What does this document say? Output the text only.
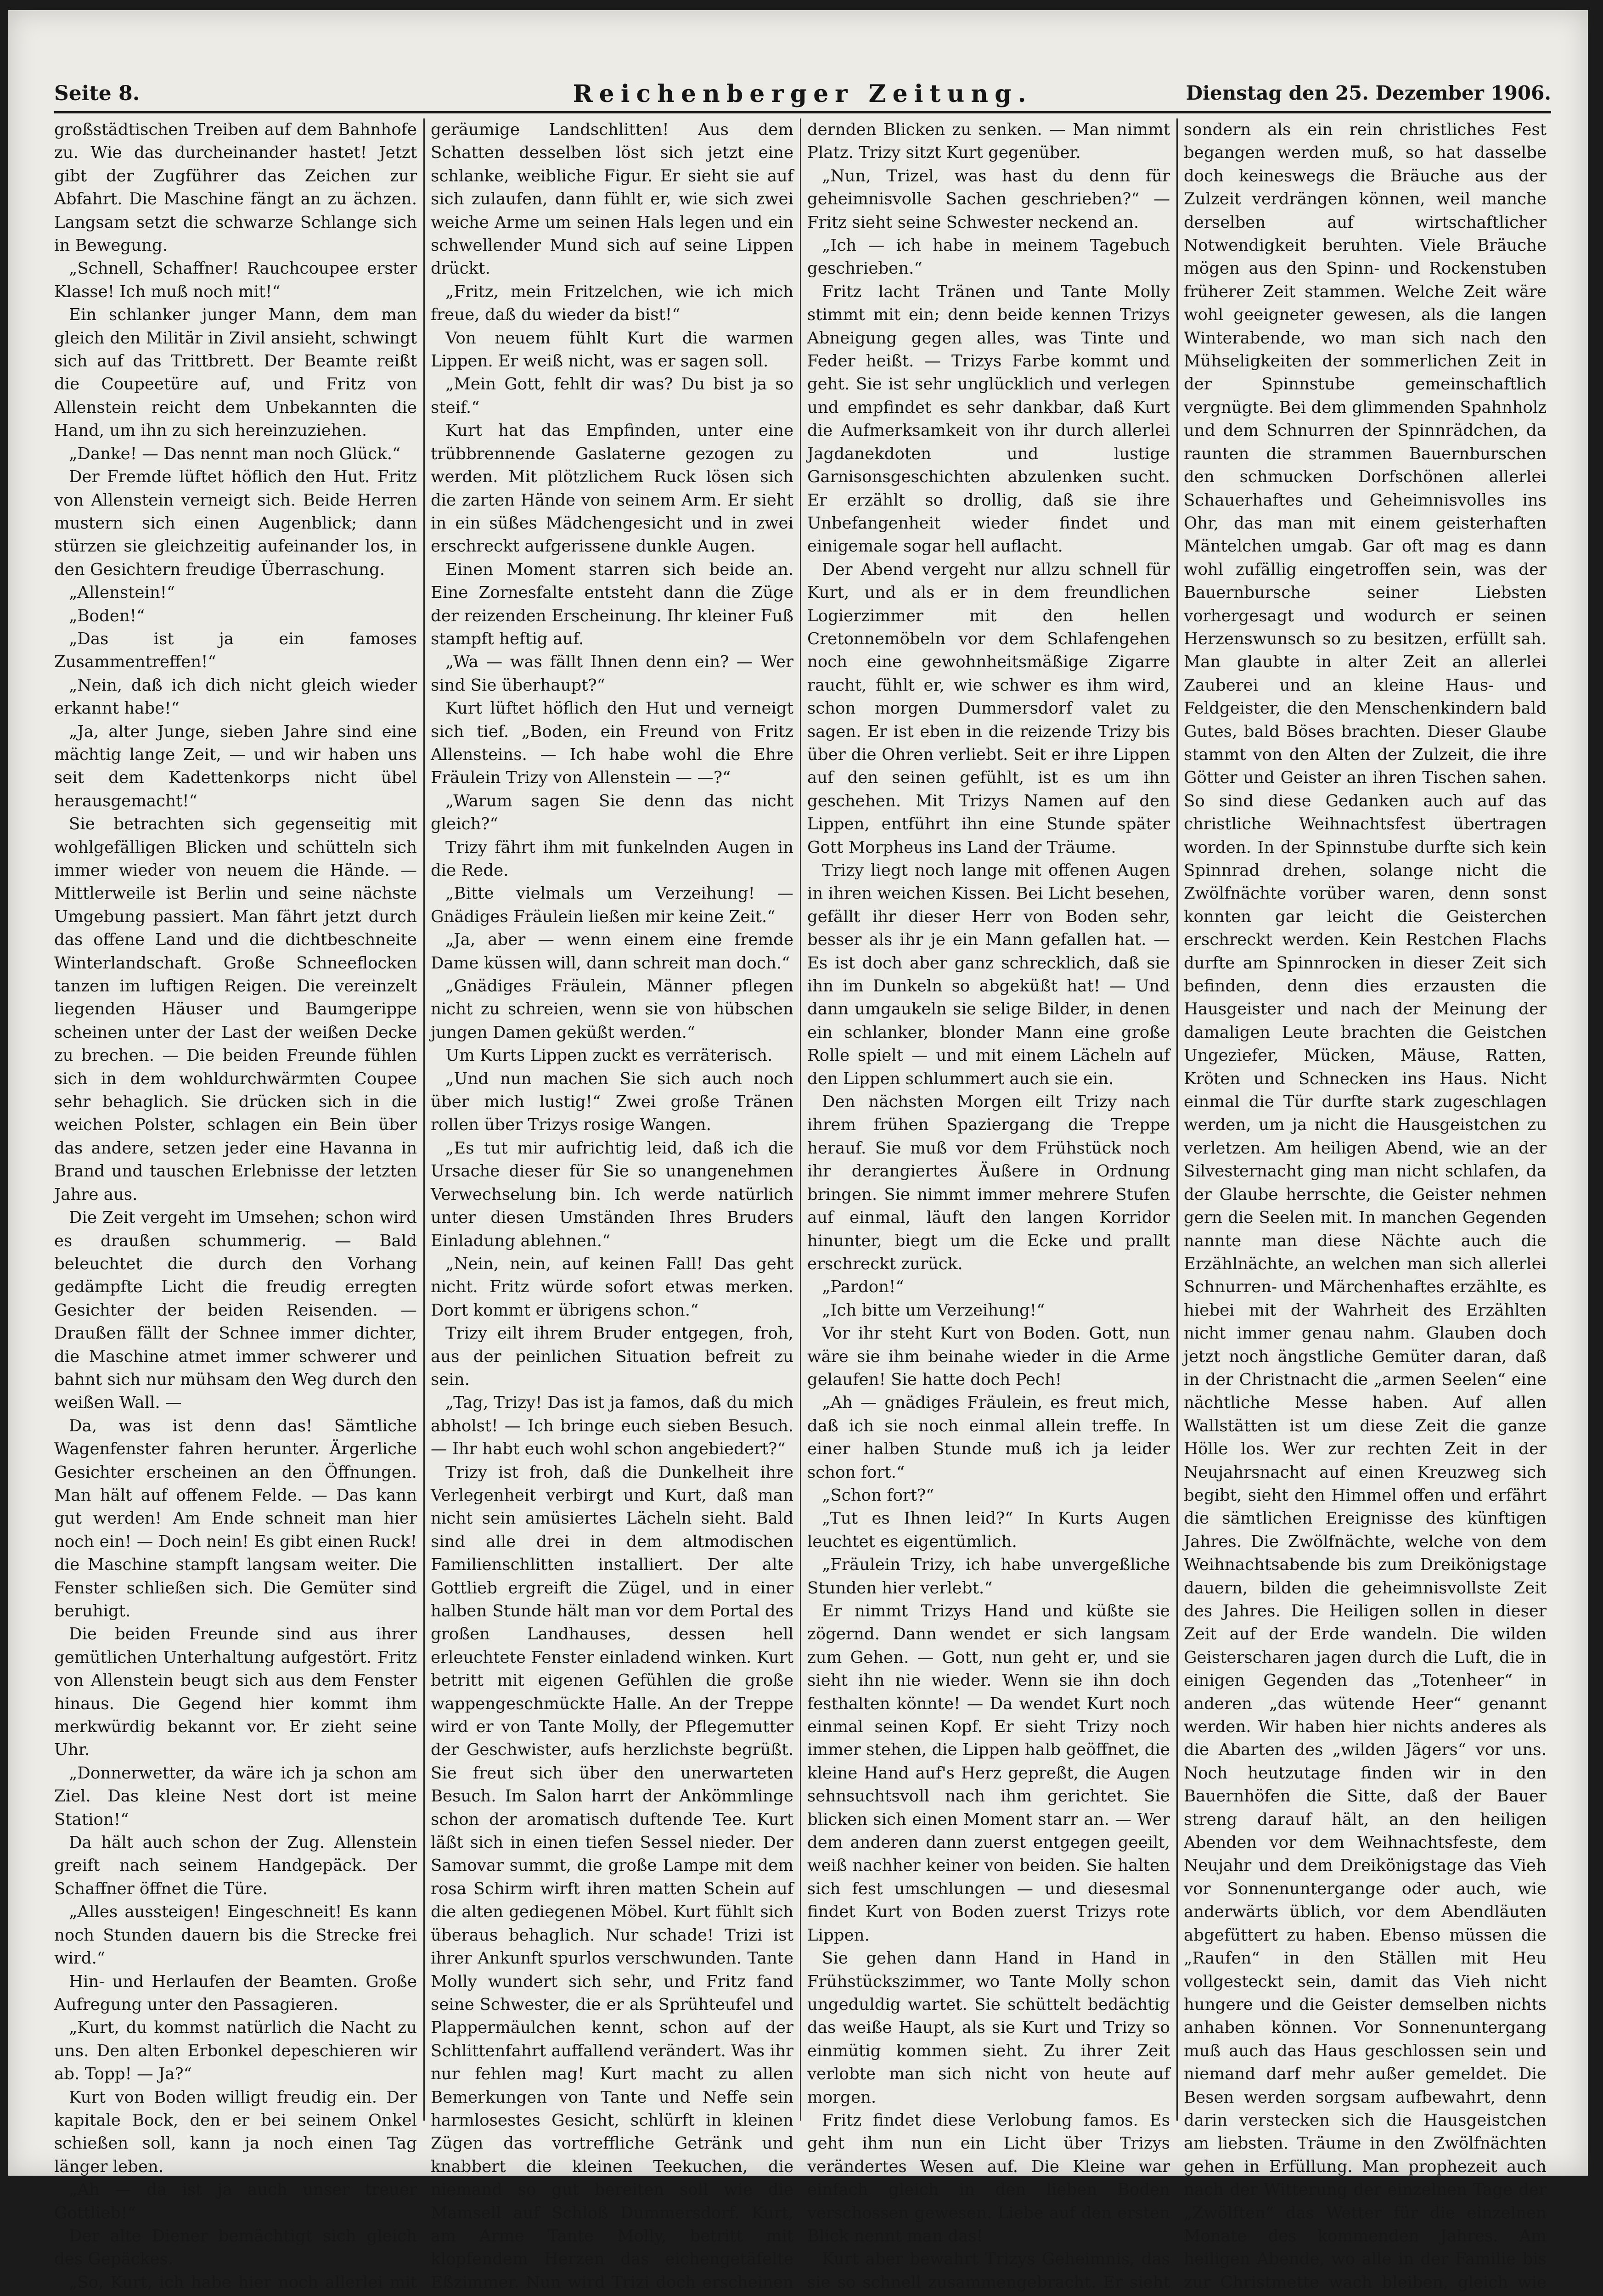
Seite 8.	Reichenberger Zeitung.	Dienstag den 25. Dezember 1906.

großstädtischen Treiben auf dem Bahnhofe zu. Wie das durcheinander hastet! Jetzt gibt der Zugführer das Zeichen zur Abfahrt. Die Maschine fängt an zu ächzen. Langsam setzt die schwarze Schlange sich in Bewegung.

„Schnell, Schaffner! Rauchcoupee erster Klasse! Ich muß noch mit!“

Ein schlanker junger Mann, dem man gleich den Militär in Zivil ansieht, schwingt sich auf das Trittbrett. Der Beamte reißt die Coupeetüre auf, und Fritz von Allenstein reicht dem Unbekannten die Hand, um ihn zu sich hereinzuziehen.

„Danke! — Das nennt man noch Glück.“

Der Fremde lüftet höflich den Hut. Fritz von Allenstein verneigt sich. Beide Herren mustern sich einen Augenblick; dann stürzen sie gleichzeitig aufeinander los, in den Gesichtern freudige Überraschung.

„Allenstein!“

„Boden!“

„Das ist ja ein famoses Zusammentreffen!“

„Nein, daß ich dich nicht gleich wieder erkannt habe!“

„Ja, alter Junge, sieben Jahre sind eine mächtig lange Zeit, — und wir haben uns seit dem Kadettenkorps nicht übel herausgemacht!“

Sie betrachten sich gegenseitig mit wohlgefälligen Blicken und schütteln sich immer wieder von neuem die Hände. — Mittlerweile ist Berlin und seine nächste Umgebung passiert. Man fährt jetzt durch das offene Land und die dichtbeschneite Winterlandschaft. Große Schneeflocken tanzen im luftigen Reigen. Die vereinzelt liegenden Häuser und Baumgerippe scheinen unter der Last der weißen Decke zu brechen. — Die beiden Freunde fühlen sich in dem wohldurchwärmten Coupee sehr behaglich. Sie drücken sich in die weichen Polster, schlagen ein Bein über das andere, setzen jeder eine Havanna in Brand und tauschen Erlebnisse der letzten Jahre aus.

Die Zeit vergeht im Umsehen; schon wird es draußen schummerig. — Bald beleuchtet die durch den Vorhang gedämpfte Licht die freudig erregten Gesichter der beiden Reisenden. — Draußen fällt der Schnee immer dichter, die Maschine atmet immer schwerer und bahnt sich nur mühsam den Weg durch den weißen Wall. —

Da, was ist denn das! Sämtliche Wagenfenster fahren herunter. Ärgerliche Gesichter erscheinen an den Öffnungen. Man hält auf offenem Felde. — Das kann gut werden! Am Ende schneit man hier noch ein! — Doch nein! Es gibt einen Ruck! die Maschine stampft langsam weiter. Die Fenster schließen sich. Die Gemüter sind beruhigt.

Die beiden Freunde sind aus ihrer gemütlichen Unterhaltung aufgestört. Fritz von Allenstein beugt sich aus dem Fenster hinaus. Die Gegend hier kommt ihm merkwürdig bekannt vor. Er zieht seine Uhr.

„Donnerwetter, da wäre ich ja schon am Ziel. Das kleine Nest dort ist meine Station!“

Da hält auch schon der Zug. Allenstein greift nach seinem Handgepäck. Der Schaffner öffnet die Türe.

„Alles aussteigen! Eingeschneit! Es kann noch Stunden dauern bis die Strecke frei wird.“

Hin- und Herlaufen der Beamten. Große Aufregung unter den Passagieren.

„Kurt, du kommst natürlich die Nacht zu uns. Den alten Erbonkel depeschieren wir ab. Topp! — Ja?“

Kurt von Boden willigt freudig ein. Der kapitale Bock, den er bei seinem Onkel schießen soll, kann ja noch einen Tag länger leben.

„Ah — da ist ja auch unser treuer Gottlieb!“

Der alte Diener bemächtigt sich gleich des Gepäckes.

„So, Kurt, ich habe hier noch allerlei mit

geräumige Landschlitten! Aus dem Schatten desselben löst sich jetzt eine schlanke, weibliche Figur. Er sieht sie auf sich zulaufen, dann fühlt er, wie sich zwei weiche Arme um seinen Hals legen und ein schwellender Mund sich auf seine Lippen drückt.

„Fritz, mein Fritzelchen, wie ich mich freue, daß du wieder da bist!“

Von neuem fühlt Kurt die warmen Lippen. Er weiß nicht, was er sagen soll.

„Mein Gott, fehlt dir was? Du bist ja so steif.“

Kurt hat das Empfinden, unter eine trübbrennende Gaslaterne gezogen zu werden. Mit plötzlichem Ruck lösen sich die zarten Hände von seinem Arm. Er sieht in ein süßes Mädchengesicht und in zwei erschreckt aufgerissene dunkle Augen.

Einen Moment starren sich beide an. Eine Zornesfalte entsteht dann die Züge der reizenden Erscheinung. Ihr kleiner Fuß stampft heftig auf.

„Wa — was fällt Ihnen denn ein? — Wer sind Sie überhaupt?“

Kurt lüftet höflich den Hut und verneigt sich tief. „Boden, ein Freund von Fritz Allensteins. — Ich habe wohl die Ehre Fräulein Trizy von Allenstein — —?“

„Warum sagen Sie denn das nicht gleich?“

Trizy fährt ihm mit funkelnden Augen in die Rede.

„Bitte vielmals um Verzeihung! — Gnädiges Fräulein ließen mir keine Zeit.“

„Ja, aber — wenn einem eine fremde Dame küssen will, dann schreit man doch.“

„Gnädiges Fräulein, Männer pflegen nicht zu schreien, wenn sie von hübschen jungen Damen geküßt werden.“

Um Kurts Lippen zuckt es verräterisch.

„Und nun machen Sie sich auch noch über mich lustig!“ Zwei große Tränen rollen über Trizys rosige Wangen.

„Es tut mir aufrichtig leid, daß ich die Ursache dieser für Sie so unangenehmen Verwechselung bin. Ich werde natürlich unter diesen Umständen Ihres Bruders Einladung ablehnen.“

„Nein, nein, auf keinen Fall! Das geht nicht. Fritz würde sofort etwas merken. Dort kommt er übrigens schon.“

Trizy eilt ihrem Bruder entgegen, froh, aus der peinlichen Situation befreit zu sein.

„Tag, Trizy! Das ist ja famos, daß du mich abholst! — Ich bringe euch sieben Besuch. — Ihr habt euch wohl schon angebiedert?“

Trizy ist froh, daß die Dunkelheit ihre Verlegenheit verbirgt und Kurt, daß man nicht sein amüsiertes Lächeln sieht. Bald sind alle drei in dem altmodischen Familienschlitten installiert. Der alte Gottlieb ergreift die Zügel, und in einer halben Stunde hält man vor dem Portal des großen Landhauses, dessen hell erleuchtete Fenster einladend winken. Kurt betritt mit eigenen Gefühlen die große wappengeschmückte Halle. An der Treppe wird er von Tante Molly, der Pflegemutter der Geschwister, aufs herzlichste begrüßt. Sie freut sich über den unerwarteten Besuch. Im Salon harrt der Ankömmlinge schon der aromatisch duftende Tee. Kurt läßt sich in einen tiefen Sessel nieder. Der Samovar summt, die große Lampe mit dem rosa Schirm wirft ihren matten Schein auf die alten gediegenen Möbel. Kurt fühlt sich überaus behaglich. Nur schade! Trizi ist ihrer Ankunft spurlos verschwunden. Tante Molly wundert sich sehr, und Fritz fand seine Schwester, die er als Sprühteufel und Plappermäulchen kennt, schon auf der Schlittenfahrt auffallend verändert. Was ihr nur fehlen mag! Kurt macht zu allen Bemerkungen von Tante und Neffe sein harmlosestes Gesicht, schlürft in kleinen Zügen das vortreffliche Getränk und knabbert die kleinen Teekuchen, die niemand so gut bereiten soll wie die Mamsell auf Schloß Dummersdorf. Kurt, am Arme Tante Molly, betritt mit klopfendem Herzen das eichengetäfelte Eßzimmer. Nun wird Trizi doch erscheinen

dernden Blicken zu senken. — Man nimmt Platz. Trizy sitzt Kurt gegenüber.

„Nun, Trizel, was hast du denn für geheimnisvolle Sachen geschrieben?“ — Fritz sieht seine Schwester neckend an.

„Ich — ich habe in meinem Tagebuch geschrieben.“

Fritz lacht Tränen und Tante Molly stimmt mit ein; denn beide kennen Trizys Abneigung gegen alles, was Tinte und Feder heißt. — Trizys Farbe kommt und geht. Sie ist sehr unglücklich und verlegen und empfindet es sehr dankbar, daß Kurt die Aufmerksamkeit von ihr durch allerlei Jagdanekdoten und lustige Garnisonsgeschichten abzulenken sucht. Er erzählt so drollig, daß sie ihre Unbefangenheit wieder findet und einigemale sogar hell auflacht.

Der Abend vergeht nur allzu schnell für Kurt, und als er in dem freundlichen Logierzimmer mit den hellen Cretonnemöbeln vor dem Schlafengehen noch eine gewohnheitsmäßige Zigarre raucht, fühlt er, wie schwer es ihm wird, schon morgen Dummersdorf valet zu sagen. Er ist eben in die reizende Trizy bis über die Ohren verliebt. Seit er ihre Lippen auf den seinen gefühlt, ist es um ihn geschehen. Mit Trizys Namen auf den Lippen, entführt ihn eine Stunde später Gott Morpheus ins Land der Träume.

Trizy liegt noch lange mit offenen Augen in ihren weichen Kissen. Bei Licht besehen, gefällt ihr dieser Herr von Boden sehr, besser als ihr je ein Mann gefallen hat. — Es ist doch aber ganz schrecklich, daß sie ihn im Dunkeln so abgeküßt hat! — Und dann umgaukeln sie selige Bilder, in denen ein schlanker, blonder Mann eine große Rolle spielt — und mit einem Lächeln auf den Lippen schlummert auch sie ein.

Den nächsten Morgen eilt Trizy nach ihrem frühen Spaziergang die Treppe herauf. Sie muß vor dem Frühstück noch ihr derangiertes Äußere in Ordnung bringen. Sie nimmt immer mehrere Stufen auf einmal, läuft den langen Korridor hinunter, biegt um die Ecke und prallt erschreckt zurück.

„Pardon!“

„Ich bitte um Verzeihung!“

Vor ihr steht Kurt von Boden. Gott, nun wäre sie ihm beinahe wieder in die Arme gelaufen! Sie hatte doch Pech!

„Ah — gnädiges Fräulein, es freut mich, daß ich sie noch einmal allein treffe. In einer halben Stunde muß ich ja leider schon fort.“

„Schon fort?“

„Tut es Ihnen leid?“ In Kurts Augen leuchtet es eigentümlich.

„Fräulein Trizy, ich habe unvergeßliche Stunden hier verlebt.“

Er nimmt Trizys Hand und küßte sie zögernd. Dann wendet er sich langsam zum Gehen. — Gott, nun geht er, und sie sieht ihn nie wieder. Wenn sie ihn doch festhalten könnte! — Da wendet Kurt noch einmal seinen Kopf. Er sieht Trizy noch immer stehen, die Lippen halb geöffnet, die kleine Hand auf's Herz gepreßt, die Augen sehnsuchtsvoll nach ihm gerichtet. Sie blicken sich einen Moment starr an. — Wer dem anderen dann zuerst entgegen geeilt, weiß nachher keiner von beiden. Sie halten sich fest umschlungen — und diesesmal findet Kurt von Boden zuerst Trizys rote Lippen.

Sie gehen dann Hand in Hand in Frühstückszimmer, wo Tante Molly schon ungeduldig wartet. Sie schüttelt bedächtig das weiße Haupt, als sie Kurt und Trizy so einmütig kommen sieht. Zu ihrer Zeit verlobte man sich nicht von heute auf morgen.

Fritz findet diese Verlobung famos. Es geht ihm nun ein Licht über Trizys verändertes Wesen auf. Die Kleine war einfach gleich in den lieben Boden verschossen gewesen. Liebe auf den ersten Blick nennt man das!

Kurt aber bewahrt Trizys Geheimnis, das sie so schnell zusammengebracht. Er sieht

sondern als ein rein christliches Fest begangen werden muß, so hat dasselbe doch keineswegs die Bräuche aus der Zulzeit verdrängen können, weil manche derselben auf wirtschaftlicher Notwendigkeit beruhten. Viele Bräuche mögen aus den Spinn- und Rockenstuben früherer Zeit stammen. Welche Zeit wäre wohl geeigneter gewesen, als die langen Winterabende, wo man sich nach den Mühseligkeiten der sommerlichen Zeit in der Spinnstube gemeinschaftlich vergnügte. Bei dem glimmenden Spahnholz und dem Schnurren der Spinnrädchen, da raunten die strammen Bauernburschen den schmucken Dorfschönen allerlei Schauerhaftes und Geheimnisvolles ins Ohr, das man mit einem geisterhaften Mäntelchen umgab. Gar oft mag es dann wohl zufällig eingetroffen sein, was der Bauernbursche seiner Liebsten vorhergesagt und wodurch er seinen Herzenswunsch so zu besitzen, erfüllt sah. Man glaubte in alter Zeit an allerlei Zauberei und an kleine Haus- und Feldgeister, die den Menschenkindern bald Gutes, bald Böses brachten. Dieser Glaube stammt von den Alten der Zulzeit, die ihre Götter und Geister an ihren Tischen sahen. So sind diese Gedanken auch auf das christliche Weihnachtsfest übertragen worden. In der Spinnstube durfte sich kein Spinnrad drehen, solange nicht die Zwölfnächte vorüber waren, denn sonst konnten gar leicht die Geisterchen erschreckt werden. Kein Restchen Flachs durfte am Spinnrocken in dieser Zeit sich befinden, denn dies erzausten die Hausgeister und nach der Meinung der damaligen Leute brachten die Geistchen Ungeziefer, Mücken, Mäuse, Ratten, Kröten und Schnecken ins Haus. Nicht einmal die Tür durfte stark zugeschlagen werden, um ja nicht die Hausgeistchen zu verletzen. Am heiligen Abend, wie an der Silvesternacht ging man nicht schlafen, da der Glaube herrschte, die Geister nehmen gern die Seelen mit. In manchen Gegenden nannte man diese Nächte auch die Erzählnächte, an welchen man sich allerlei Schnurren- und Märchenhaftes erzählte, es hiebei mit der Wahrheit des Erzählten nicht immer genau nahm. Glauben doch jetzt noch ängstliche Gemüter daran, daß in der Christnacht die „armen Seelen“ eine nächtliche Messe haben. Auf allen Wallstätten ist um diese Zeit die ganze Hölle los. Wer zur rechten Zeit in der Neujahrsnacht auf einen Kreuzweg sich begibt, sieht den Himmel offen und erfährt die sämtlichen Ereignisse des künftigen Jahres. Die Zwölfnächte, welche von dem Weihnachtsabende bis zum Dreikönigstage dauern, bilden die geheimnisvollste Zeit des Jahres. Die Heiligen sollen in dieser Zeit auf der Erde wandeln. Die wilden Geisterscharen jagen durch die Luft, die in einigen Gegenden das „Totenheer“ in anderen „das wütende Heer“ genannt werden. Wir haben hier nichts anderes als die Abarten des „wilden Jägers“ vor uns. Noch heutzutage finden wir in den Bauernhöfen die Sitte, daß der Bauer streng darauf hält, an den heiligen Abenden vor dem Weihnachtsfeste, dem Neujahr und dem Dreikönigstage das Vieh vor Sonnenuntergange oder auch, wie anderwärts üblich, vor dem Abendläuten abgefüttert zu haben. Ebenso müssen die „Raufen“ in den Ställen mit Heu vollgesteckt sein, damit das Vieh nicht hungere und die Geister demselben nichts anhaben können. Vor Sonnenuntergang muß auch das Haus geschlossen sein und niemand darf mehr außer gemeldet. Die Besen werden sorgsam aufbewahrt, denn darin verstecken sich die Hausgeistchen am liebsten. Träume in den Zwölfnächten gehen in Erfüllung. Man prophezeit auch nach der Witterung der einzelnen Tage der „Zwölften“ das Wetter für die einzelnen Monate des kommenden Jahres. Am heiligen Abende, wo alle in der Familie bis zur Christmette wach bleiben, gleich wie
